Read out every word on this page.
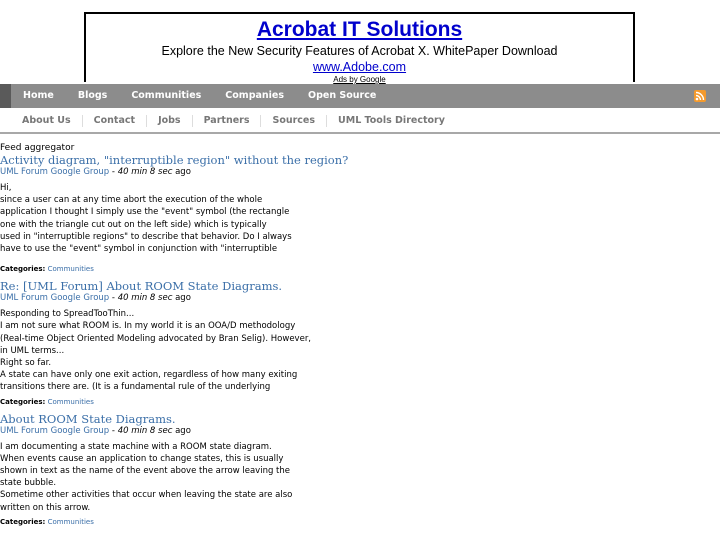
Acrobat IT Solutions
Explore the New Security Features of Acrobat X. WhitePaper Download
www.Adobe.com
Ads by Google
Home	Blogs	Communities	Companies	Open Source
About Us	Contact	Jobs	Partners	Sources	UML Tools Directory
Feed aggregator
Activity diagram, "interruptible region" without the region?
UML Forum Google Group - 40 min 8 sec ago
Hi,
since a user can at any time abort the execution of the whole
application I thought I simply use the "event" symbol (the rectangle
one with the triangle cut out on the left side) which is typically
used in "interruptible regions" to describe that behavior. Do I always
have to use the "event" symbol in conjunction with "interruptible
Categories: Communities
Re: [UML Forum] About ROOM State Diagrams.
UML Forum Google Group - 40 min 8 sec ago
Responding to SpreadTooThin...
I am not sure what ROOM is. In my world it is an OOA/D methodology
(Real-time Object Oriented Modeling advocated by Bran Selig). However,
in UML terms...
Right so far.
A state can have only one exit action, regardless of how many exiting
transitions there are. (It is a fundamental rule of the underlying
Categories: Communities
About ROOM State Diagrams.
UML Forum Google Group - 40 min 8 sec ago
I am documenting a state machine with a ROOM state diagram.
When events cause an application to change states, this is usually
shown in text as the name of the event above the arrow leaving the
state bubble.
Sometime other activities that occur when leaving the state are also
written on this arrow.
Categories: Communities
